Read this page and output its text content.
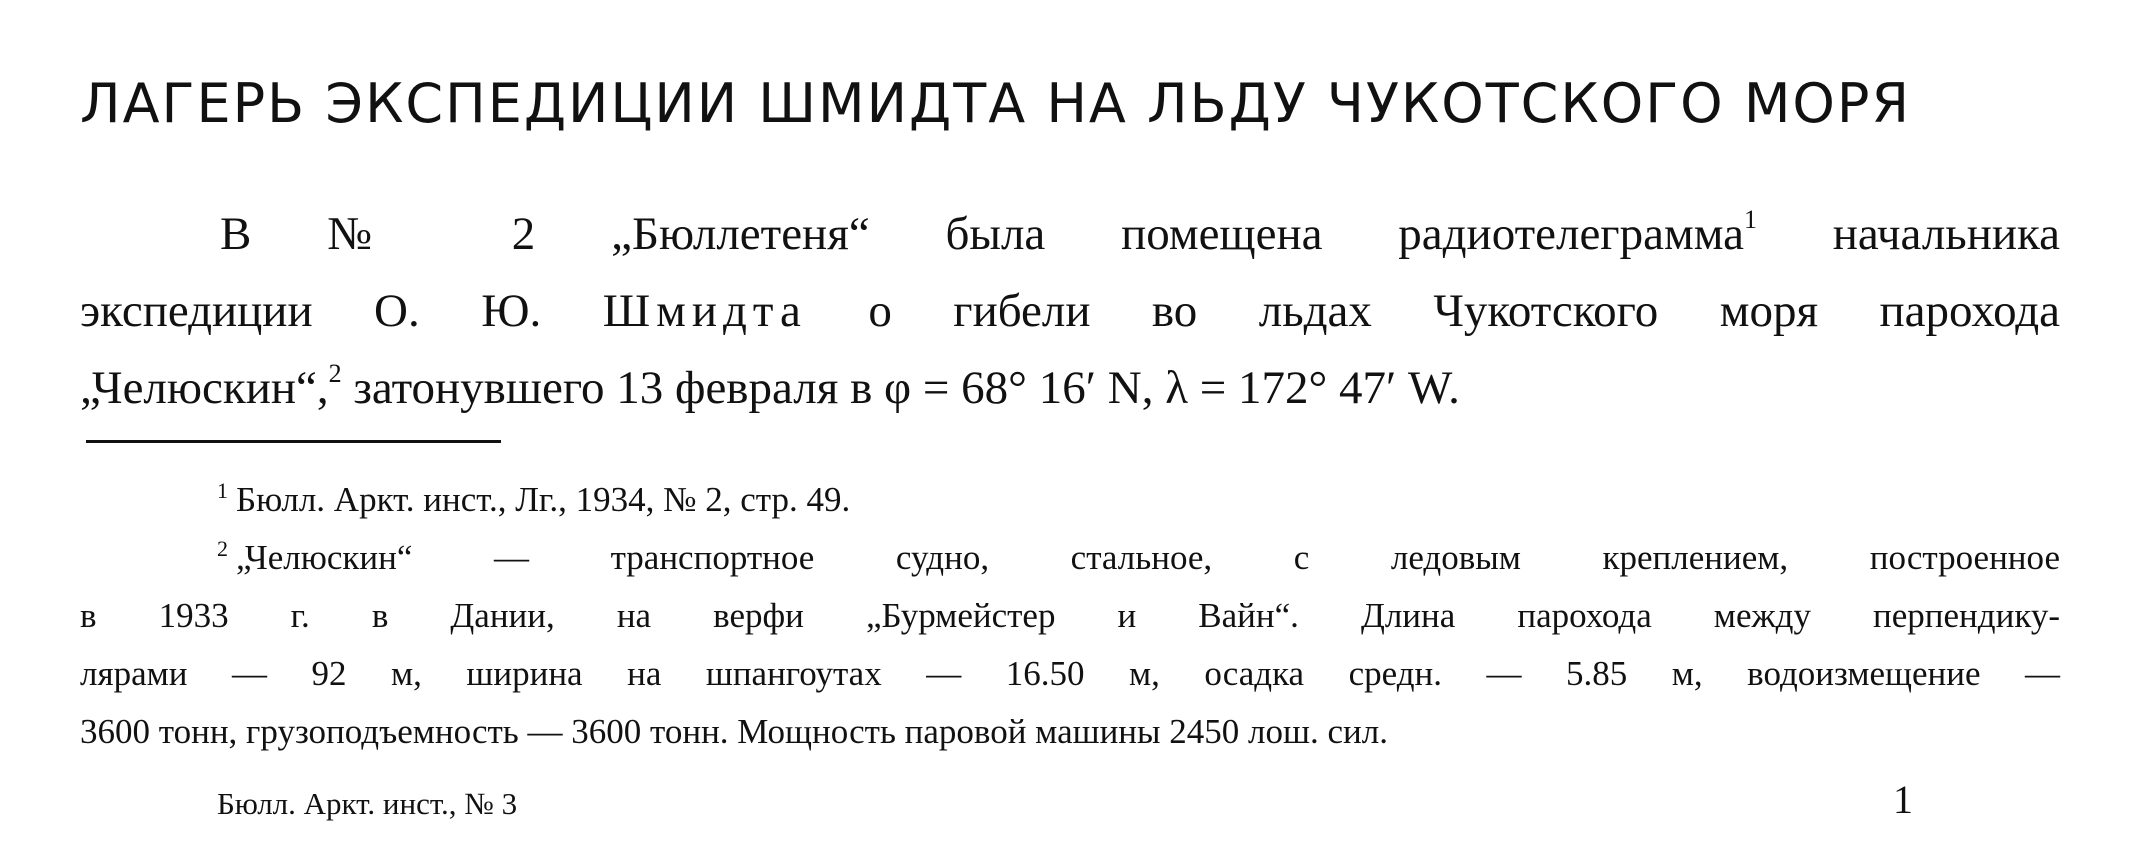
ЛАГЕРЬ ЭКСПЕДИЦИИ ШМИДТА НА ЛЬДУ ЧУКОТСКОГО МОРЯ
В № 2 „Бюллетеня“ была помещена радиотелеграмма$^1$ начальника
экспедиции О. Ю. Шмидта о гибели во льдах Чукотского моря парохода
„Челюскин“,$^2$ затонувшего 13 февраля в φ = 68° 16′ N, λ = 172° 47′ W.
$^1$ Бюлл. Аркт. инст., Лг., 1934, № 2, стр. 49.
$^2$ „Челюскин“ — транспортное судно, стальное, с ледовым креплением, построенное
в 1933 г. в Дании, на верфи „Бурмейстер и Вайн“. Длина парохода между перпендику-
лярами — 92 м, ширина на шпангоутах — 16.50 м, осадка средн. — 5.85 м, водоизмещение —
3600 тонн, грузоподъемность — 3600 тонн. Мощность паровой машины 2450 лош. сил.
Бюлл. Аркт. инст., № 3	1
